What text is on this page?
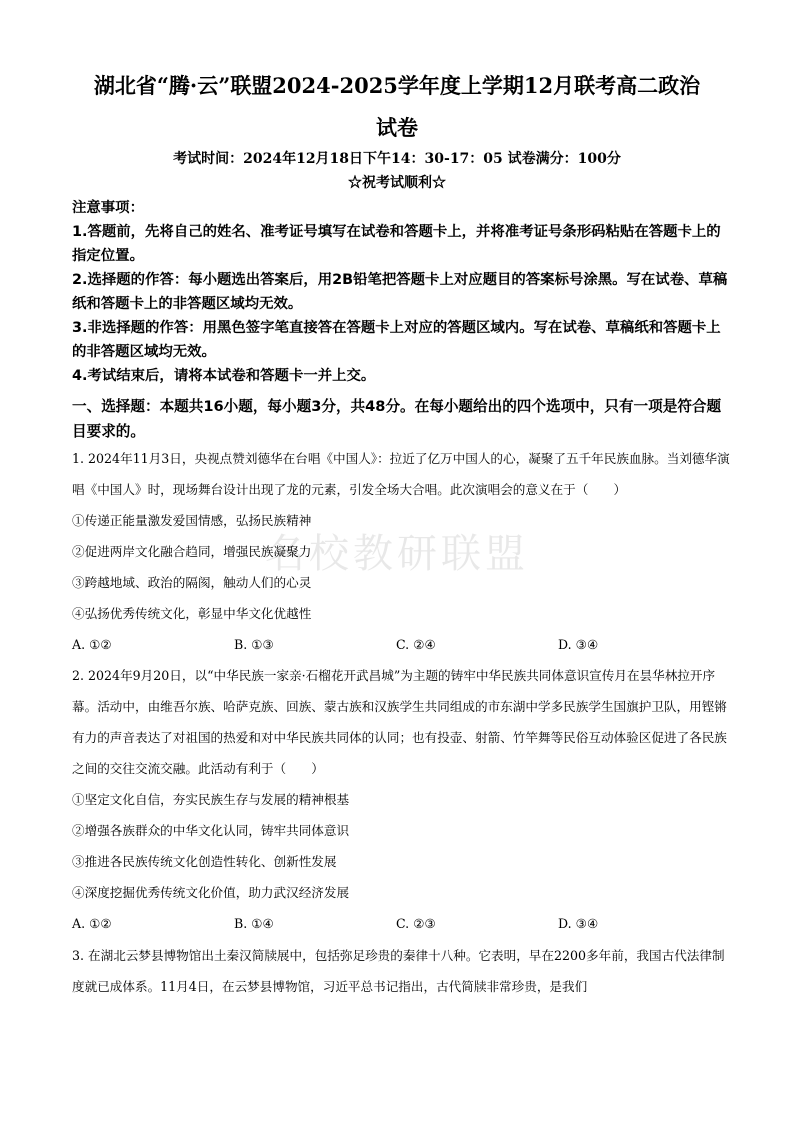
湖北省“腾·云”联盟2024-2025学年度上学期12月联考高二政治
试卷
考试时间：2024年12月18日下午14：30-17：05 试卷满分：100分
☆祝考试顺利☆

注意事项：

1.答题前，先将自己的姓名、准考证号填写在试卷和答题卡上，并将准考证号条形码粘贴在答题卡上的指定位置。

2.选择题的作答：每小题选出答案后，用2B铅笔把答题卡上对应题目的答案标号涂黑。写在试卷、草稿纸和答题卡上的非答题区域均无效。

3.非选择题的作答：用黑色签字笔直接答在答题卡上对应的答题区域内。写在试卷、草稿纸和答题卡上的非答题区域均无效。

4.考试结束后，请将本试卷和答题卡一并上交。

一、选择题：本题共16小题，每小题3分，共48分。在每小题给出的四个选项中，只有一项是符合题目要求的。
名校教研联盟

1. 2024年11月3日，央视点赞刘德华在台唱《中国人》：拉近了亿万中国人的心，凝聚了五千年民族血脉。当刘德华演唱《中国人》时，现场舞台设计出现了龙的元素，引发全场大合唱。此次演唱会的意义在于（　　）

①传递正能量激发爱国情感，弘扬民族精神

②促进两岸文化融合趋同，增强民族凝聚力

③跨越地域、政治的隔阂，触动人们的心灵

④弘扬优秀传统文化，彰显中华文化优越性

A. ①②	B. ①③	C. ②④	D. ③④

2. 2024年9月20日，以“中华民族一家亲·石榴花开武昌城”为主题的铸牢中华民族共同体意识宣传月在昙华林拉开序幕。活动中，由维吾尔族、哈萨克族、回族、蒙古族和汉族学生共同组成的市东湖中学多民族学生国旗护卫队，用铿锵有力的声音表达了对祖国的热爱和对中华民族共同体的认同；也有投壶、射箭、竹竿舞等民俗互动体验区促进了各民族之间的交往交流交融。此活动有利于（　　）

①坚定文化自信，夯实民族生存与发展的精神根基

②增强各族群众的中华文化认同，铸牢共同体意识

③推进各民族传统文化创造性转化、创新性发展

④深度挖掘优秀传统文化价值，助力武汉经济发展

A. ①②	B. ①④	C. ②③	D. ③④

3. 在湖北云梦县博物馆出土秦汉简牍展中，包括弥足珍贵的秦律十八种。它表明，早在2200多年前，我国古代法律制度就已成体系。11月4日，在云梦县博物馆，习近平总书记指出，古代简牍非常珍贵，是我们
